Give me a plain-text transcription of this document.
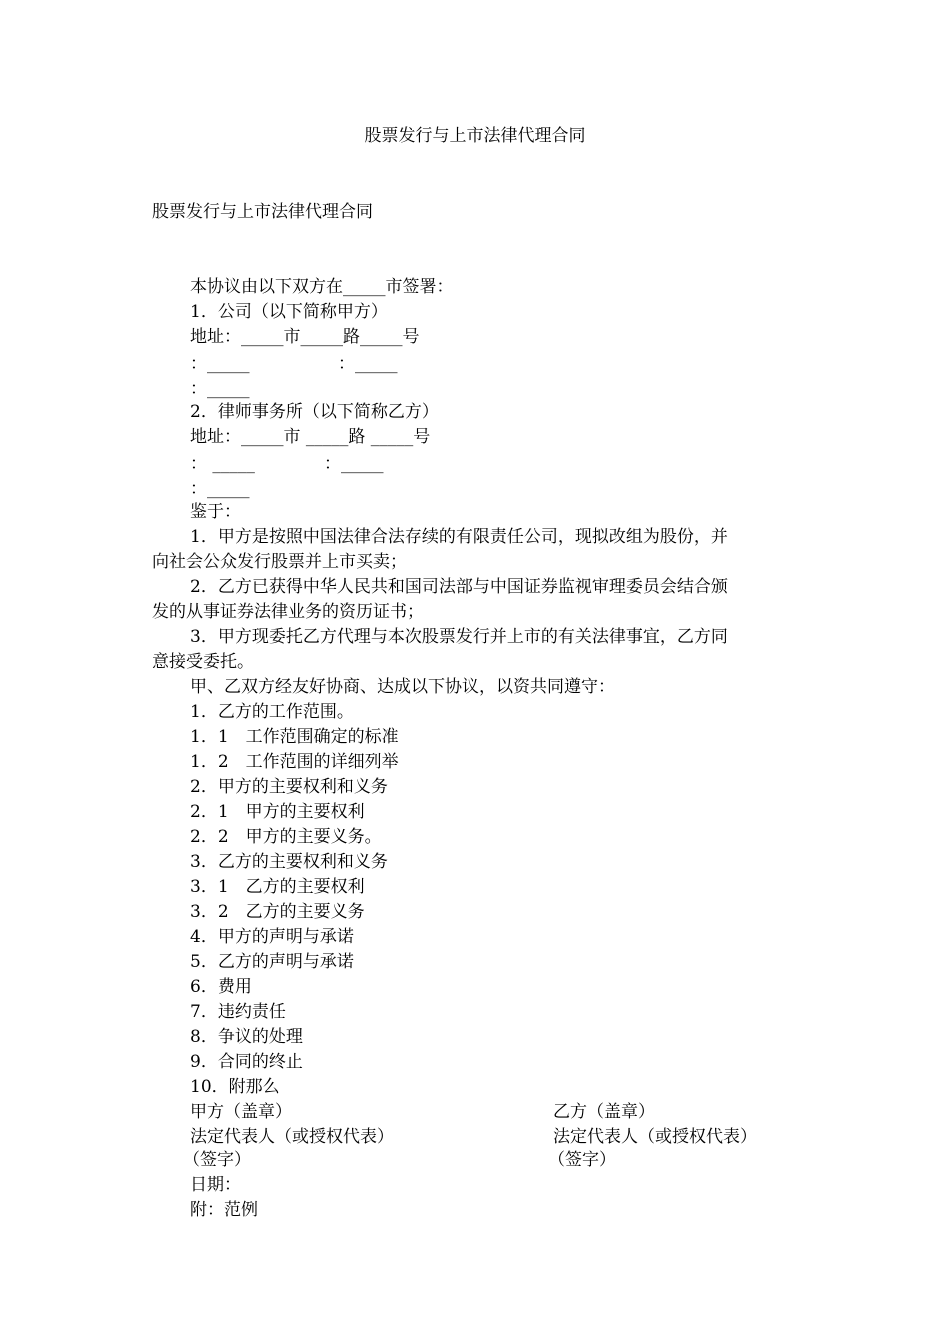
股票发行与上市法律代理合同
股票发行与上市法律代理合同
本协议由以下双方在_____市签署：
1．公司（以下简称甲方）
地址：_____市_____路_____号
：_____	：_____
：_____
2．律师事务所（以下简称乙方）
地址：_____市 _____路 _____号
： _____	：_____
：_____
鉴于：
1．甲方是按照中国法律合法存续的有限责任公司，现拟改组为股份，并
向社会公众发行股票并上市买卖；
2．乙方已获得中华人民共和国司法部与中国证券监视审理委员会结合颁
发的从事证券法律业务的资历证书；
3．甲方现委托乙方代理与本次股票发行并上市的有关法律事宜，乙方同
意接受委托。
甲、乙双方经友好协商、达成以下协议，以资共同遵守：
1．乙方的工作范围。
1．1　工作范围确定的标准
1．2　工作范围的详细列举
2．甲方的主要权利和义务
2．1　甲方的主要权利
2．2　甲方的主要义务。
3．乙方的主要权利和义务
3．1　乙方的主要权利
3．2　乙方的主要义务
4．甲方的声明与承诺
5．乙方的声明与承诺
6．费用
7．违约责任
8．争议的处理
9．合同的终止
10．附那么
甲方（盖章）	乙方（盖章）
法定代表人（或授权代表）	法定代表人（或授权代表）
（签字）	（签字）
日期：
附：范例
